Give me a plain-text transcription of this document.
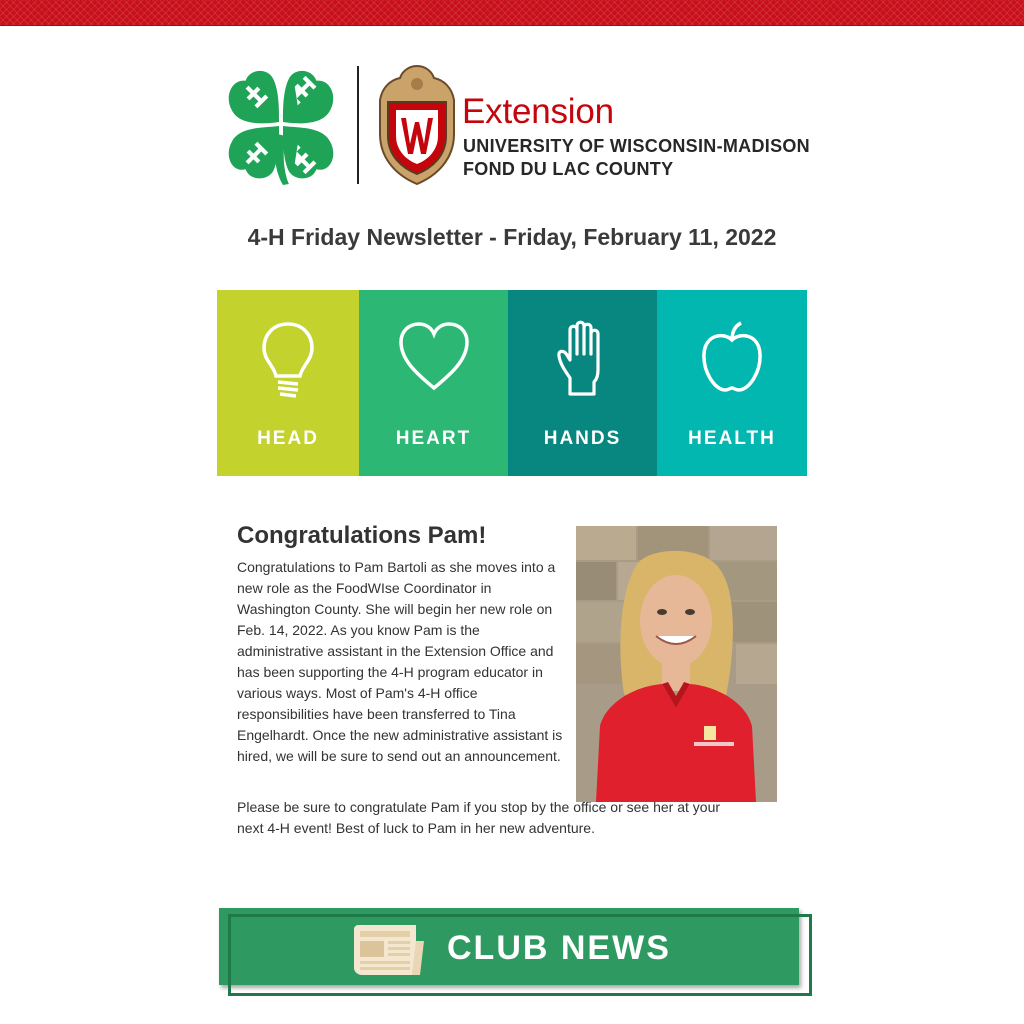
Extension
UNIVERSITY OF WISCONSIN-MADISON
FOND DU LAC COUNTY
4-H Friday Newsletter - Friday, February 11, 2022
HEAD	HEART	HANDS	HEALTH
Congratulations Pam!
Congratulations to Pam Bartoli as she moves into a new role as the FoodWIse Coordinator in Washington County. She will begin her new role on Feb. 14, 2022. As you know Pam is the administrative assistant in the Extension Office and has been supporting the 4-H program educator in various ways. Most of Pam's 4-H office responsibilities have been transferred to Tina Engelhardt. Once the new administrative assistant is hired, we will be sure to send out an announcement.
Please be sure to congratulate Pam if you stop by the office or see her at your next 4-H event! Best of luck to Pam in her new adventure.
CLUB NEWS
